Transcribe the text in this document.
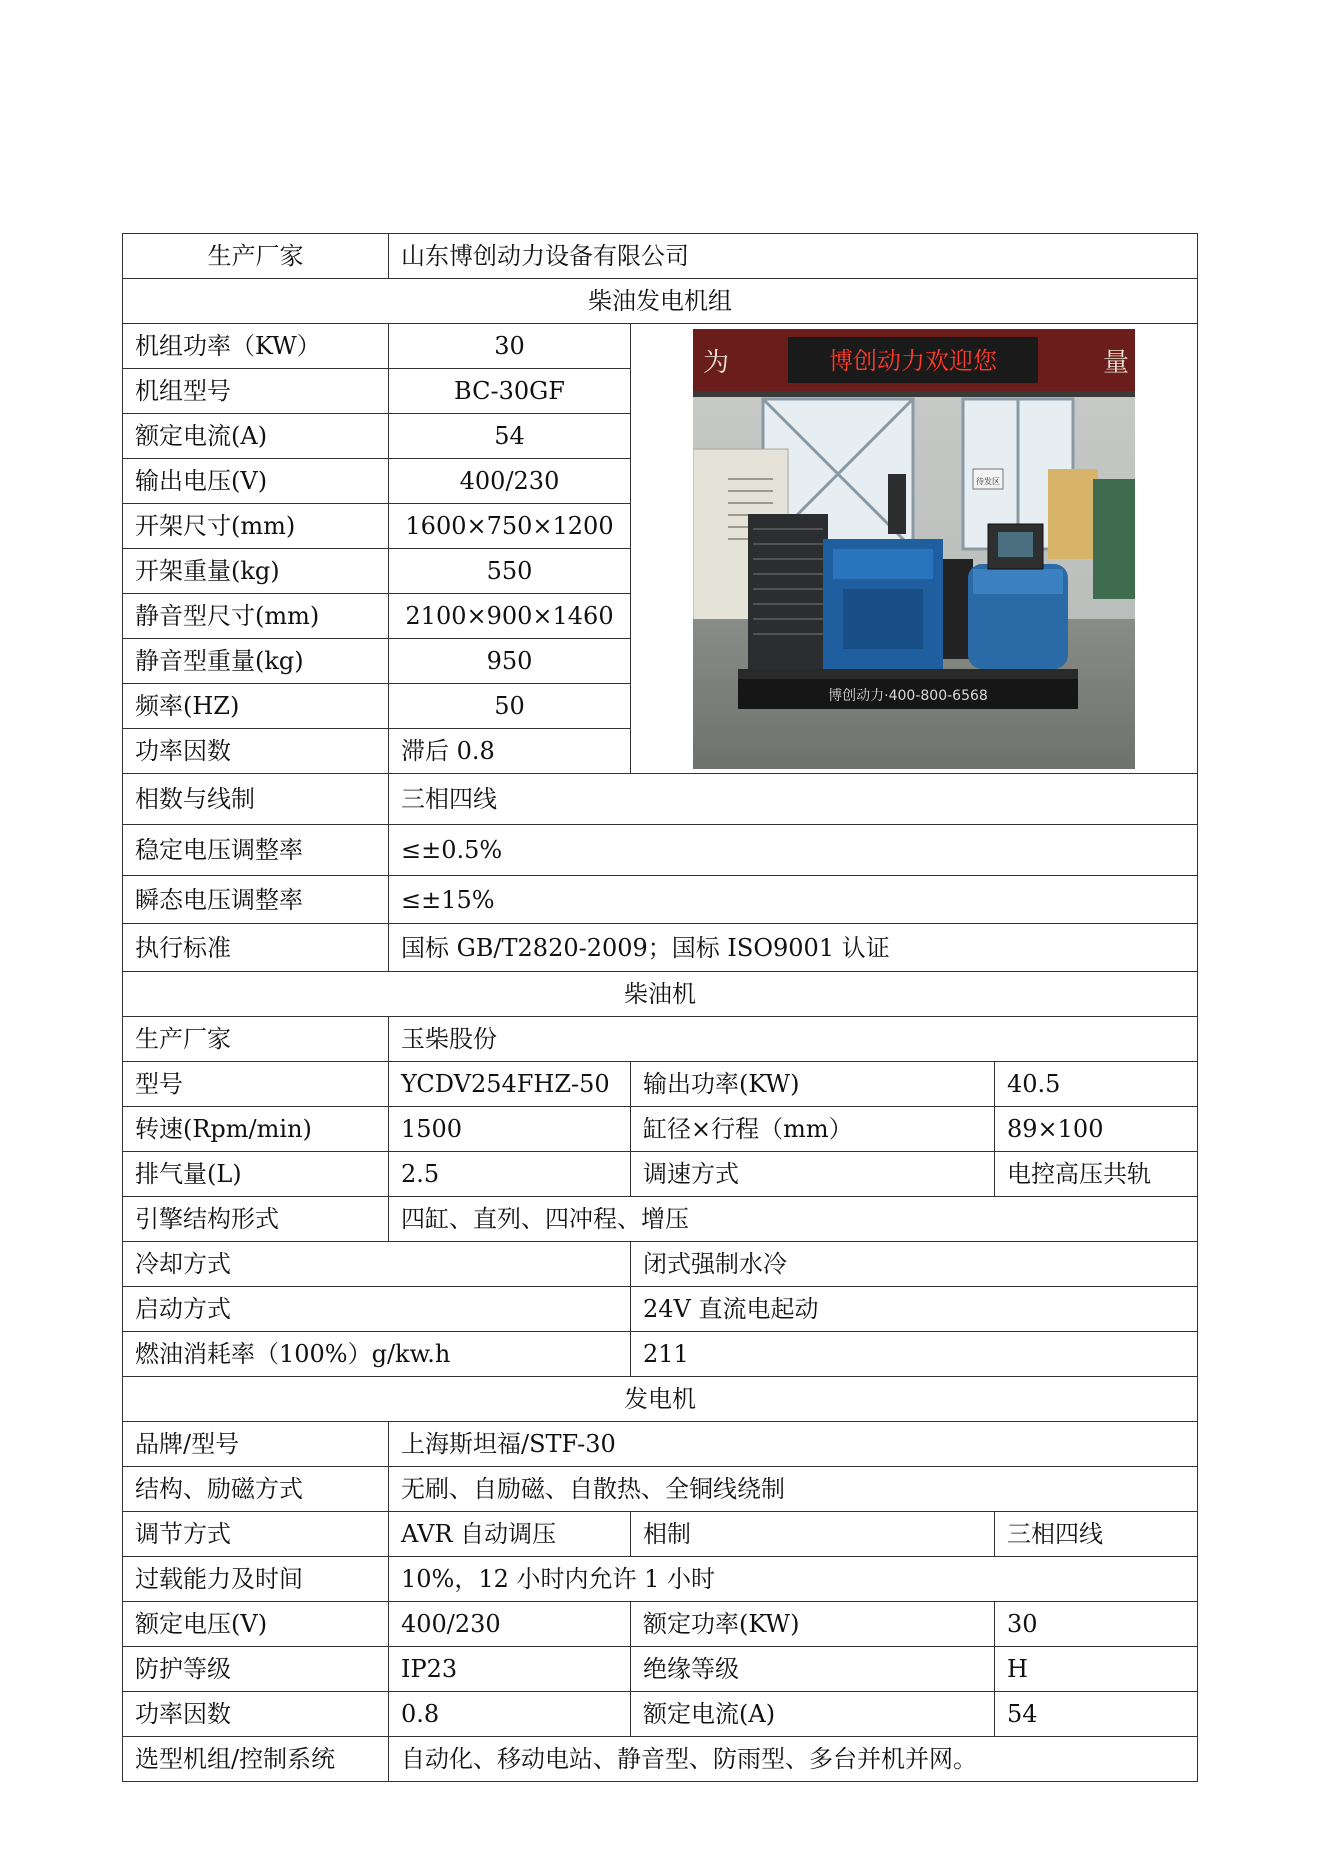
生产厂家	山东博创动力设备有限公司		
柴油发电机组			
机组功率（KW）	30	博创动力欢迎您
为 量
待发区
博创动力·400-800-6568	

机组型号	BC-30GF		
额定电流(A)	54		
输出电压(V)	400/230		
开架尺寸(mm)	1600×750×1200		
开架重量(kg)	550		
静音型尺寸(mm)	2100×900×1460		
静音型重量(kg)	950		
频率(HZ)	50		
功率因数	滞后 0.8		
相数与线制	三相四线		
稳定电压调整率	≤±0.5%		
瞬态电压调整率	≤±15%		
执行标准	国标 GB/T2820-2009；国标 ISO9001 认证		
柴油机			
生产厂家	玉柴股份		
型号	YCDV254FHZ-50	输出功率(KW)	40.5
转速(Rpm/min)	1500	缸径×行程（mm）	89×100
排气量(L)	2.5	调速方式	电控高压共轨
引擎结构形式	四缸、直列、四冲程、增压		
冷却方式		闭式强制水冷	
启动方式		24V 直流电起动	
燃油消耗率（100%）g/kw.h		211	
发电机			
品牌/型号	上海斯坦福/STF-30		
结构、励磁方式	无刷、自励磁、自散热、全铜线绕制		
调节方式	AVR 自动调压	相制	三相四线
过载能力及时间	10%，12 小时内允许 1 小时		
额定电压(V)	400/230	额定功率(KW)	30
防护等级	IP23	绝缘等级	H
功率因数	0.8	额定电流(A)	54
选型机组/控制系统	自动化、移动电站、静音型、防雨型、多台并机并网。		
